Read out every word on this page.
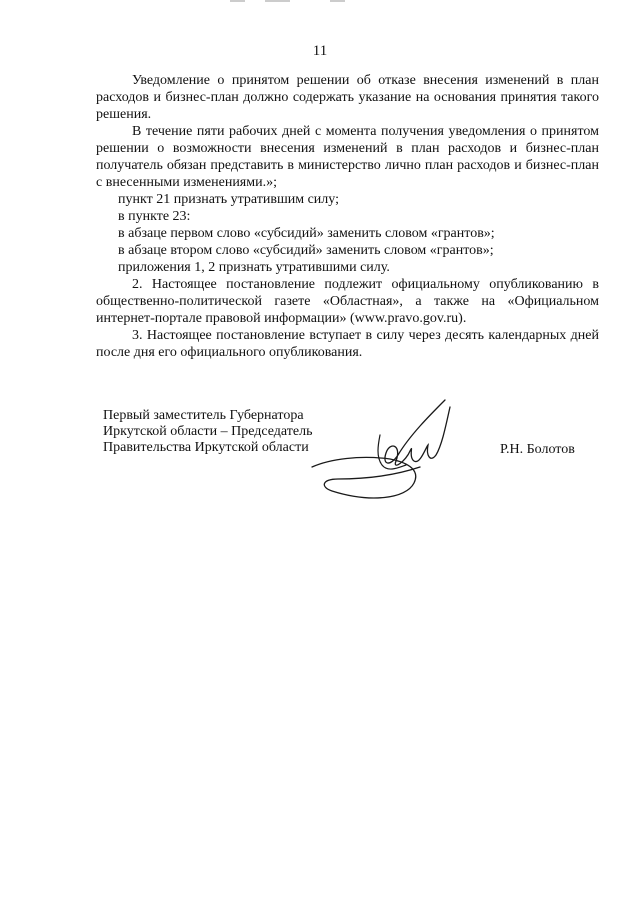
11

Уведомление о принятом решении об отказе внесения изменений в план расходов и бизнес-план должно содержать указание на основания принятия такого решения.

В течение пяти рабочих дней с момента получения уведомления о принятом решении о возможности внесения изменений в план расходов и бизнес-план получатель обязан представить в министерство лично план расходов и бизнес-план с внесенными изменениями.»;

пункт 21 признать утратившим силу;

в пункте 23:

в абзаце первом слово «субсидий» заменить словом «грантов»;

в абзаце втором слово «субсидий» заменить словом «грантов»;

приложения 1, 2 признать утратившими силу.

2. Настоящее постановление подлежит официальному опубликованию в общественно-политической газете «Областная», а также на «Официальном интернет-портале правовой информации» (www.pravo.gov.ru).

3. Настоящее постановление вступает в силу через десять календарных дней после дня его официального опубликования.

Первый заместитель Губернатора
Иркутской области – Председатель
Правительства Иркутской области	Р.Н. Болотов
